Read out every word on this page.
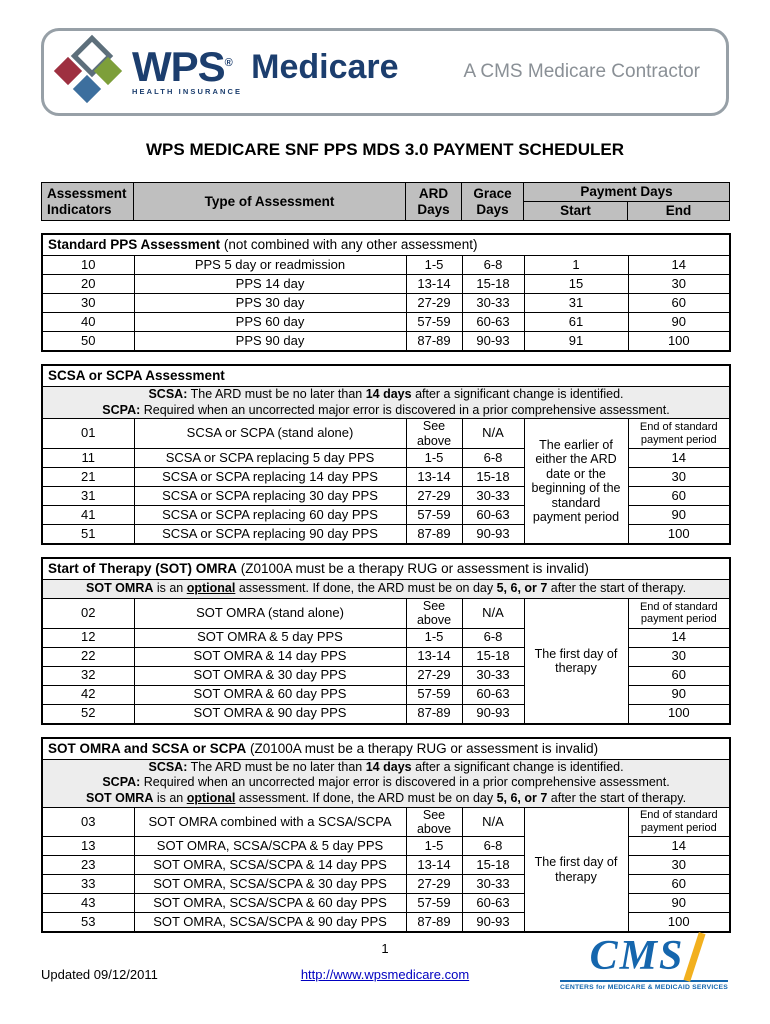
WPS®
HEALTH INSURANCE
Medicare	A CMS Medicare Contractor
WPS MEDICARE SNF PPS MDS 3.0 PAYMENT SCHEDULER
Assessment Indicators	Type of Assessment	ARD Days	Grace Days	Payment Days	
				Start	End
Standard PPS Assessment (not combined with any other assessment)					
10	PPS 5 day or readmission	1-5	6-8	1	14
20	PPS 14 day	13-14	15-18	15	30
30	PPS 30 day	27-29	30-33	31	60
40	PPS 60 day	57-59	60-63	61	90
50	PPS 90 day	87-89	90-93	91	100
SCSA or SCPA Assessment					

SCSA: The ARD must be no later than 14 days after a significant change is identified.
SCPA: Required when an uncorrected major error is discovered in a prior comprehensive assessment.					

01	SCSA or SCPA (stand alone)	See above	N/A	The earlier of either the ARD date or the beginning of the standard payment period	End of standard payment period
11	SCSA or SCPA replacing 5 day PPS	1-5	6-8		14
21	SCSA or SCPA replacing 14 day PPS	13-14	15-18		30
31	SCSA or SCPA replacing 30 day PPS	27-29	30-33		60
41	SCSA or SCPA replacing 60 day PPS	57-59	60-63		90
51	SCSA or SCPA replacing 90 day PPS	87-89	90-93		100
Start of Therapy (SOT) OMRA (Z0100A must be a therapy RUG or assessment is invalid)					

SOT OMRA is an optional assessment. If done, the ARD must be on day 5, 6, or 7 after the start of therapy.					

02	SOT OMRA (stand alone)	See above	N/A	The first day of therapy	End of standard payment period
12	SOT OMRA & 5 day PPS	1-5	6-8		14
22	SOT OMRA & 14 day PPS	13-14	15-18		30
32	SOT OMRA & 30 day PPS	27-29	30-33		60
42	SOT OMRA & 60 day PPS	57-59	60-63		90
52	SOT OMRA & 90 day PPS	87-89	90-93		100
SOT OMRA and SCSA or SCPA (Z0100A must be a therapy RUG or assessment is invalid)					

SCSA: The ARD must be no later than 14 days after a significant change is identified.
SCPA: Required when an uncorrected major error is discovered in a prior comprehensive assessment.
SOT OMRA is an optional assessment. If done, the ARD must be on day 5, 6, or 7 after the start of therapy.					

03	SOT OMRA combined with a SCSA/SCPA	See above	N/A	The first day of therapy	End of standard payment period
13	SOT OMRA, SCSA/SCPA & 5 day PPS	1-5	6-8		14
23	SOT OMRA, SCSA/SCPA & 14 day PPS	13-14	15-18		30
33	SOT OMRA, SCSA/SCPA & 30 day PPS	27-29	30-33		60
43	SOT OMRA, SCSA/SCPA & 60 day PPS	57-59	60-63		90
53	SOT OMRA, SCSA/SCPA & 90 day PPS	87-89	90-93		100
1
Updated 09/12/2011	http://www.wpsmedicare.com	CMS
CENTERS for MEDICARE & MEDICAID SERVICES
